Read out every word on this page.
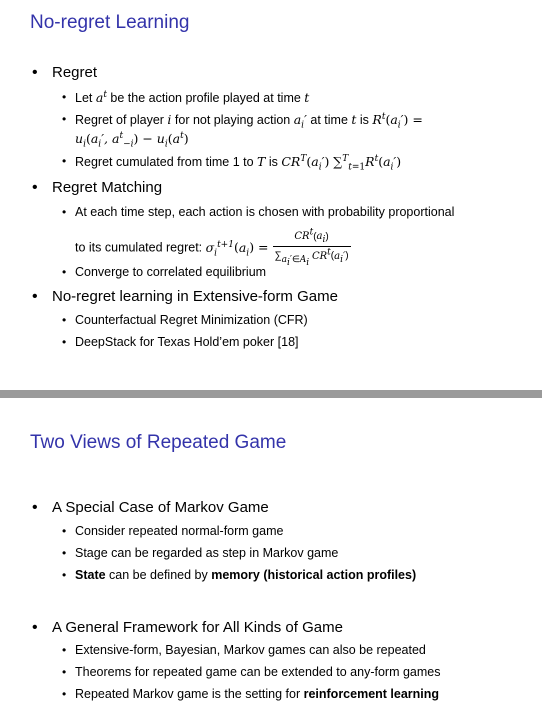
No-regret Learning
Regret
• Let $a^t$ be the action profile played at time t
• Regret of player i for not playing action $a_i'$ at time t is $R^t(a_i')$ =
$u_i(a_i'$, $a^t_{-i}) - u_i(a^t)$
• Regret cumulated from time 1 to T is $CR^T(a_i')$ $\sum^T_{t=1}R^t(a_i')$
Regret Matching
• At each time step, each action is chosen with probability proportional
to its cumulated regret: $\sigma_i^{t+1}(a_i) = \frac{CR^t(a_i)}{\sum_{a_i'\in A_i} CR^t(a_i')}$
• Converge to correlated equilibrium
No-regret learning in Extensive-form Game
• Counterfactual Regret Minimization (CFR)
• DeepStack for Texas Hold’em poker [18]
Two Views of Repeated Game
A Special Case of Markov Game
• Consider repeated normal-form game
• Stage can be regarded as step in Markov game
• State can be defined by memory (historical action profiles)
A General Framework for All Kinds of Game
• Extensive-form, Bayesian, Markov games can also be repeated
• Theorems for repeated game can be extended to any-form games
• Repeated Markov game is the setting for reinforcement learning
